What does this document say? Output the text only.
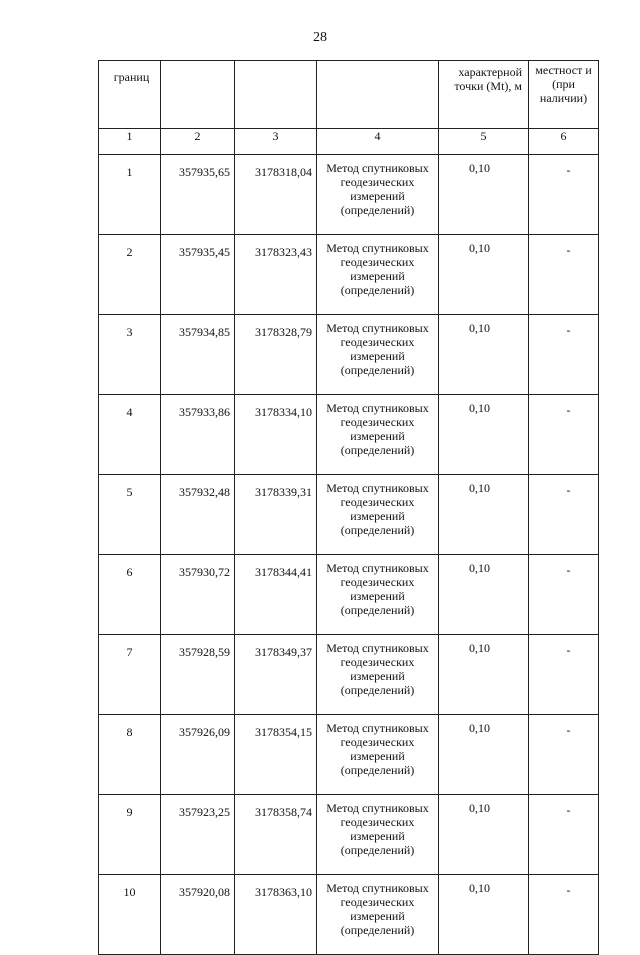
28
границ				характерной точки (Mt), м	местност и (при наличии)
1	2	3	4	5	6
1	357935,65	3178318,04	Метод спутниковых геодезических измерений (определений)	0,10	-
2	357935,45	3178323,43	Метод спутниковых геодезических измерений (определений)	0,10	-
3	357934,85	3178328,79	Метод спутниковых геодезических измерений (определений)	0,10	-
4	357933,86	3178334,10	Метод спутниковых геодезических измерений (определений)	0,10	-
5	357932,48	3178339,31	Метод спутниковых геодезических измерений (определений)	0,10	-
6	357930,72	3178344,41	Метод спутниковых геодезических измерений (определений)	0,10	-
7	357928,59	3178349,37	Метод спутниковых геодезических измерений (определений)	0,10	-
8	357926,09	3178354,15	Метод спутниковых геодезических измерений (определений)	0,10	-
9	357923,25	3178358,74	Метод спутниковых геодезических измерений (определений)	0,10	-
10	357920,08	3178363,10	Метод спутниковых геодезических измерений (определений)	0,10	-
